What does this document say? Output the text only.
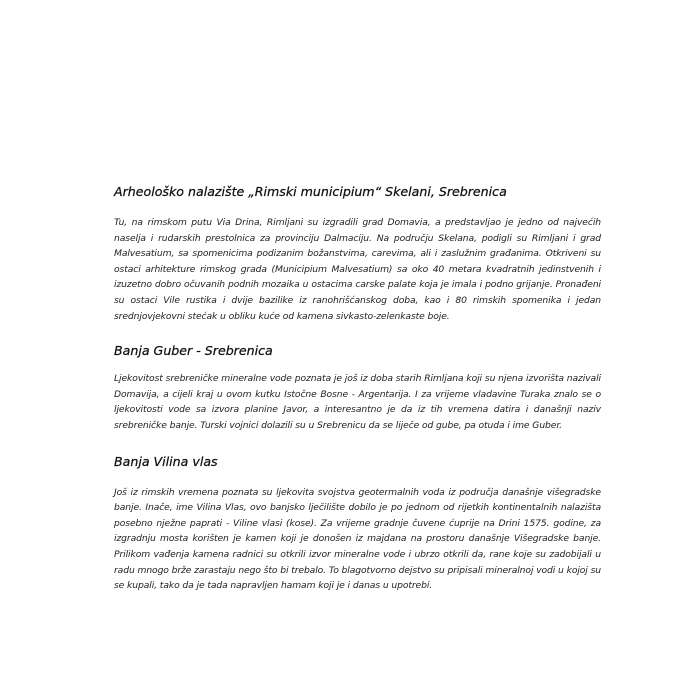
Arheološko nalazište „Rimski municipium“ Skelani, Srebrenica

Tu, na rimskom putu Via Drina, Rimljani su izgradili grad Domavia, a predstavljao je jedno od najvećih naselja i rudarskih prestolnica za provinciju Dalmaciju. Na području Skelana, podigli su Rimljani i grad Malvesatium, sa spomenicima podizanim božanstvima, carevima, ali i zaslužnim građanima. Otkriveni su ostaci arhitekture rimskog grada (Municipium Malvesatium) sa oko 40 metara kvadratnih jedinstvenih i izuzetno dobro očuvanih podnih mozaika u ostacima carske palate koja je imala i podno grijanje. Pronađeni su ostaci Vile rustika i dvije bazilike iz ranohrišćanskog doba, kao i 80 rimskih spomenika i jedan srednjovjekovni stećak u obliku kuće od kamena sivkasto-zelenkaste boje.

Banja Guber - Srebrenica

Ljekovitost srebreničke mineralne vode poznata je još iz doba starih Rimljana koji su njena izvorišta nazivali Domavija, a cijeli kraj u ovom kutku Istočne Bosne - Argentarija. I za vrijeme vladavine Turaka znalo se o ljekovitosti vode sa izvora planine Javor, a interesantno je da iz tih vremena datira i današnji naziv srebreničke banje. Turski vojnici dolazili su u Srebrenicu da se liječe od gube, pa otuda i ime Guber.

Banja Vilina vlas

Još iz rimskih vremena poznata su ljekovita svojstva geotermalnih voda iz područja današnje višegradske banje. Inače, ime Vilina Vlas, ovo banjsko lječilište dobilo je po jednom od rijetkih kontinentalnih nalazišta posebno nježne paprati - Viline vlasi (kose). Za vrijeme gradnje čuvene ćuprije na Drini 1575. godine, za izgradnju mosta korišten je kamen koji je donošen iz majdana na prostoru današnje Višegradske banje. Prilikom vađenja kamena radnici su otkrili izvor mineralne vode i ubrzo otkrili da, rane koje su zadobijali u radu mnogo brže zarastaju nego što bi trebalo. To blagotvorno dejstvo su pripisali mineralnoj vodi u kojoj su se kupali, tako da je tada napravljen hamam koji je i danas u upotrebi.
